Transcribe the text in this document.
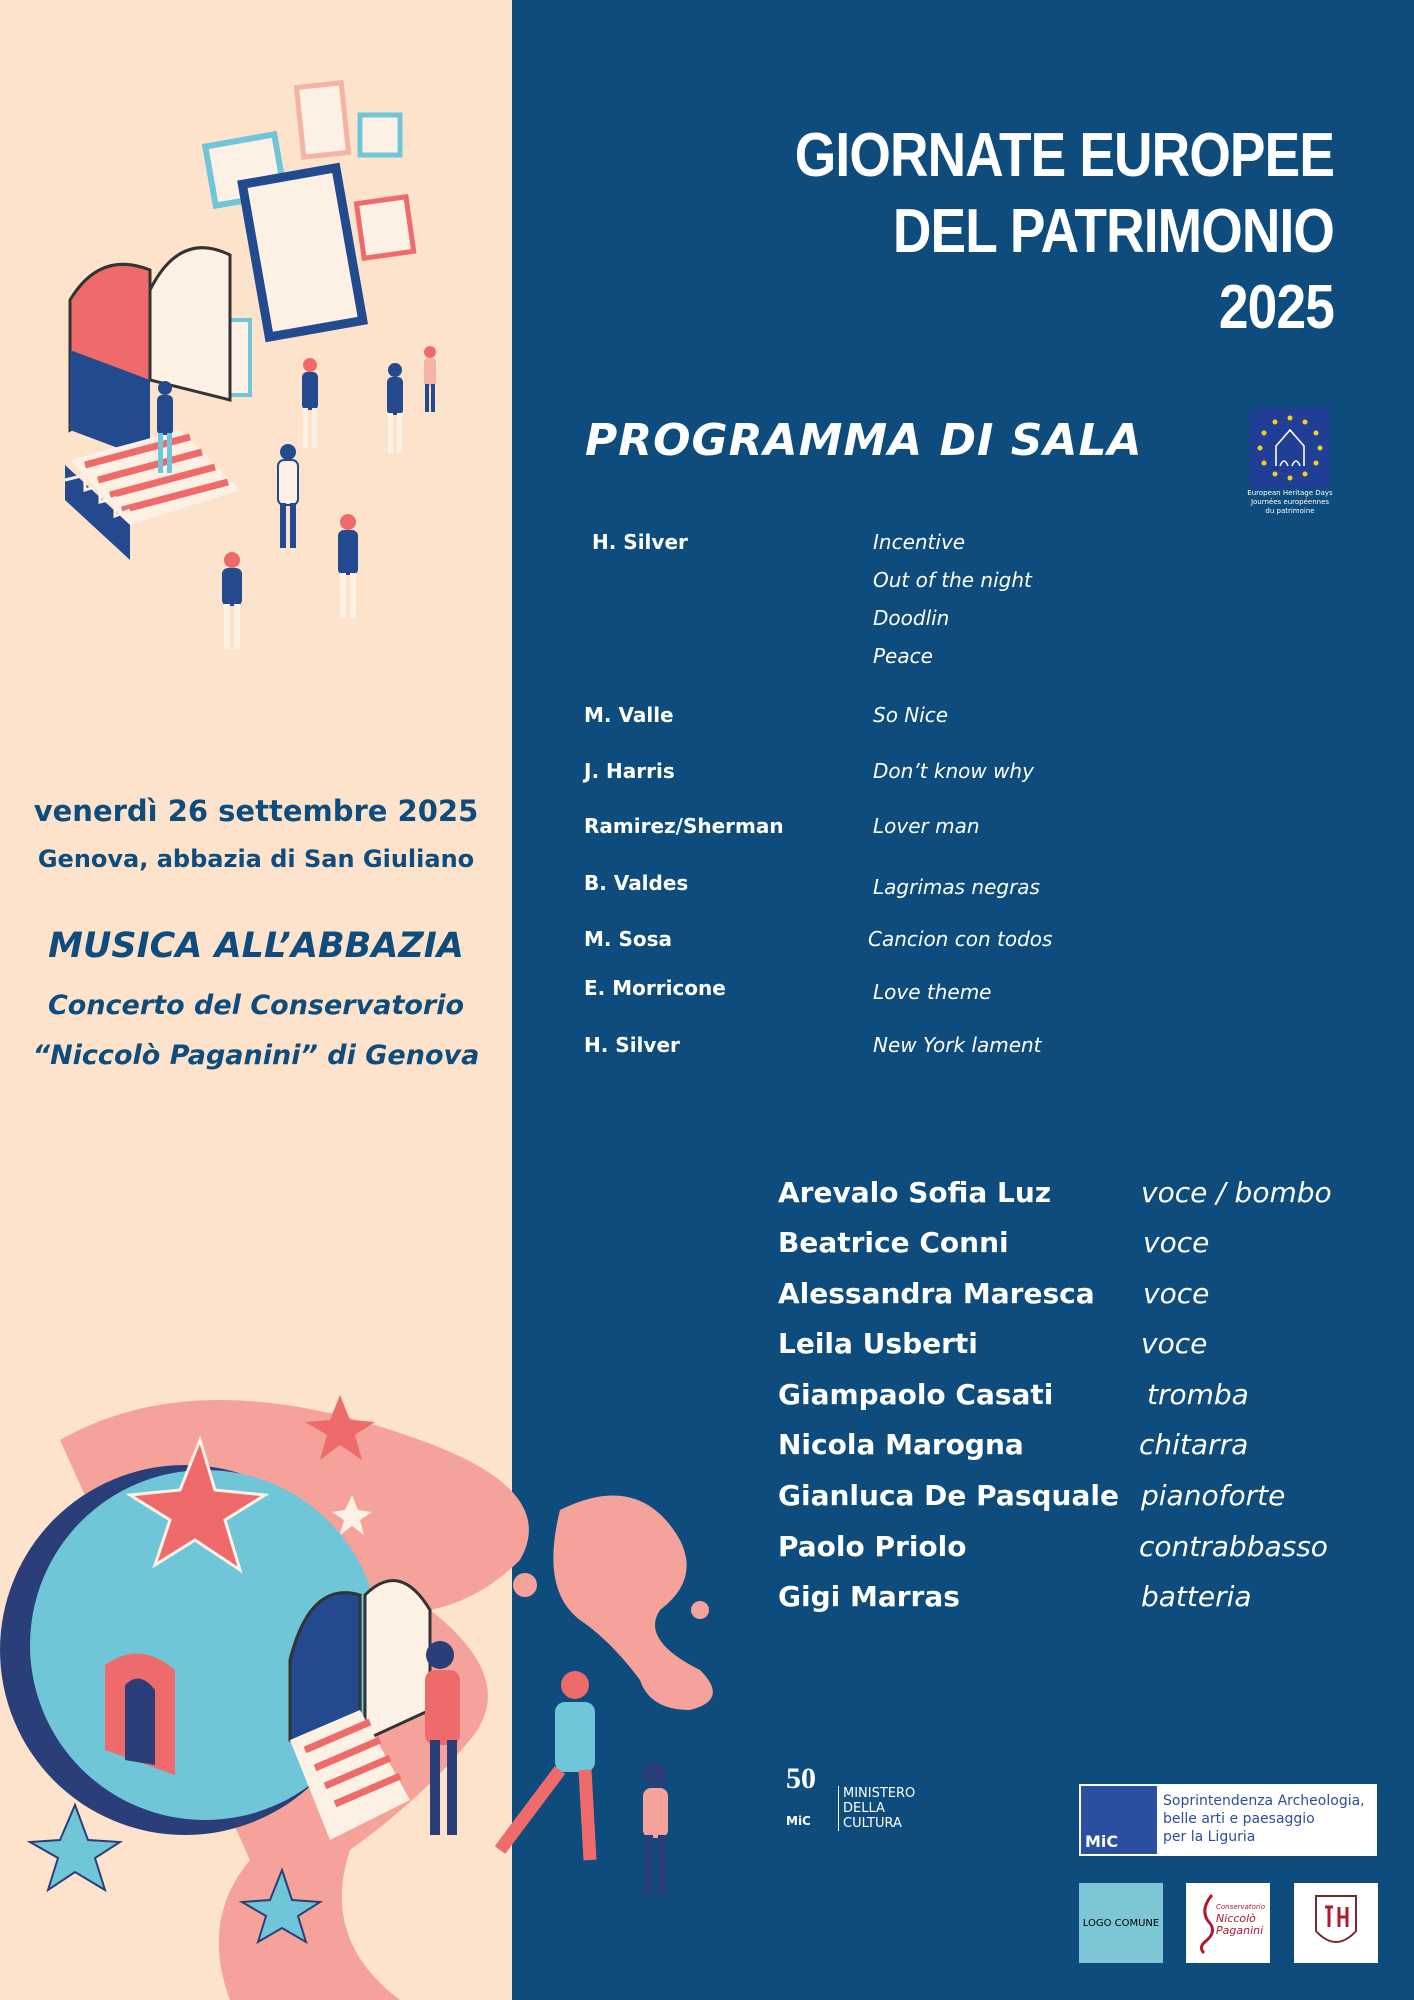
GIORNATE EUROPEE
DEL PATRIMONIO
2025
PROGRAMMA DI SALA
European Heritage Days
Journées européennes
du patrimoine
H. Silver	Incentive
Out of the night
Doodlin
Peace
M. Valle	So Nice
J. Harris	Don’t know why
Ramirez/Sherman	Lover man
B. Valdes	Lagrimas negras
M. Sosa	Cancion con todos
E. Morricone	Love theme
H. Silver	New York lament
Arevalo Sofia Luz	voce / bombo
Beatrice Conni	voce
Alessandra Maresca voce
Leila Usberti	voce
Giampaolo Casati	tromba
Nicola Marogna	chitarra
Gianluca De Pasquale pianoforte
Paolo Priolo	contrabbasso
Gigi Marras	batteria
venerdì 26 settembre 2025
Genova, abbazia di San Giuliano
MUSICA ALL’ABBAZIA
Concerto del Conservatorio
“Niccolò Paganini” di Genova
50
MiC
MINISTERO
DELLA
CULTURA
MiC
Soprintendenza Archeologia,
belle arti e paesaggio
per la Liguria
LOGO COMUNE
Conservatorio
Niccolò
Paganini
